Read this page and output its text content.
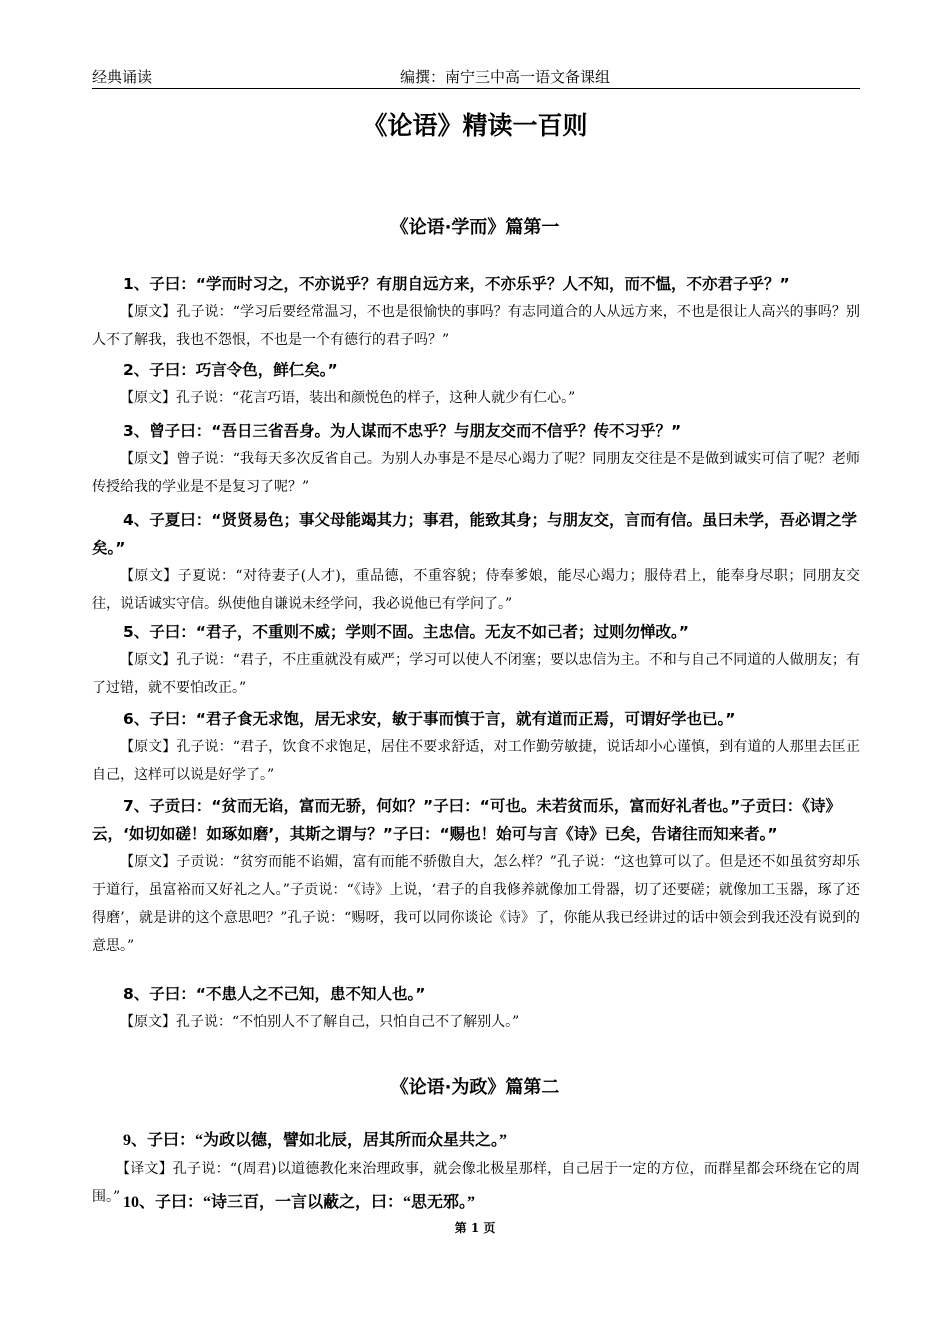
经典诵读	编撰：南宁三中高一语文备课组
《论语》精读一百则
《论语·学而》篇第一

1、子曰：“学而时习之，不亦说乎？有朋自远方来，不亦乐乎？人不知，而不愠，不亦君子乎？”

【原文】孔子说：“学习后要经常温习，不也是很愉快的事吗？有志同道合的人从远方来，不也是很让人高兴的事吗？别人不了解我，我也不怨恨，不也是一个有德行的君子吗？”

2、子曰：巧言令色，鲜仁矣。”

【原文】孔子说：“花言巧语，装出和颜悦色的样子，这种人就少有仁心。”

3、曾子曰：“吾日三省吾身。为人谋而不忠乎？与朋友交而不信乎？传不习乎？”

【原文】曾子说：“我每天多次反省自己。为别人办事是不是尽心竭力了呢？同朋友交往是不是做到诚实可信了呢？老师传授给我的学业是不是复习了呢？”

4、子夏曰：“贤贤易色；事父母能竭其力；事君，能致其身；与朋友交，言而有信。虽曰未学，吾必谓之学矣。”

【原文】子夏说：“对待妻子(人才)，重品德，不重容貌；侍奉爹娘，能尽心竭力；服侍君上，能奉身尽职；同朋友交往，说话诚实守信。纵使他自谦说未经学问，我必说他已有学问了。”

5、子曰：“君子，不重则不威；学则不固。主忠信。无友不如己者；过则勿惮改。”

【原文】孔子说：“君子，不庄重就没有威严；学习可以使人不闭塞；要以忠信为主。不和与自己不同道的人做朋友；有了过错，就不要怕改正。”

6、子曰：“君子食无求饱，居无求安，敏于事而慎于言，就有道而正焉，可谓好学也已。”

【原文】孔子说：“君子，饮食不求饱足，居住不要求舒适，对工作勤劳敏捷，说话却小心谨慎，到有道的人那里去匡正自己，这样可以说是好学了。”

7、子贡曰：“贫而无谄，富而无骄，何如？”子曰：“可也。未若贫而乐，富而好礼者也。”子贡曰：《诗》云，‘如切如磋！如琢如磨’，其斯之谓与？”子曰：“赐也！始可与言《诗》已矣，告诸往而知来者。”

【原文】子贡说：“贫穷而能不谄媚，富有而能不骄傲自大，怎么样？”孔子说：“这也算可以了。但是还不如虽贫穷却乐于道行，虽富裕而又好礼之人。”子贡说：“《诗》上说，‘君子的自我修养就像加工骨器，切了还要磋；就像加工玉器，琢了还得磨’，就是讲的这个意思吧？”孔子说：“赐呀，我可以同你谈论《诗》了，你能从我已经讲过的话中领会到我还没有说到的意思。”

8、子曰：“不患人之不己知，患不知人也。”

【原文】孔子说：“不怕别人不了解自己，只怕自己不了解别人。”

《论语·为政》篇第二

9、子曰：“为政以德，譬如北辰，居其所而众星共之。”

【译文】孔子说：“(周君)以道德教化来治理政事，就会像北极星那样，自己居于一定的方位，而群星都会环绕在它的周围。” 10、子曰：“诗三百，一言以蔽之，曰：“思无邪。”

第 1 页
